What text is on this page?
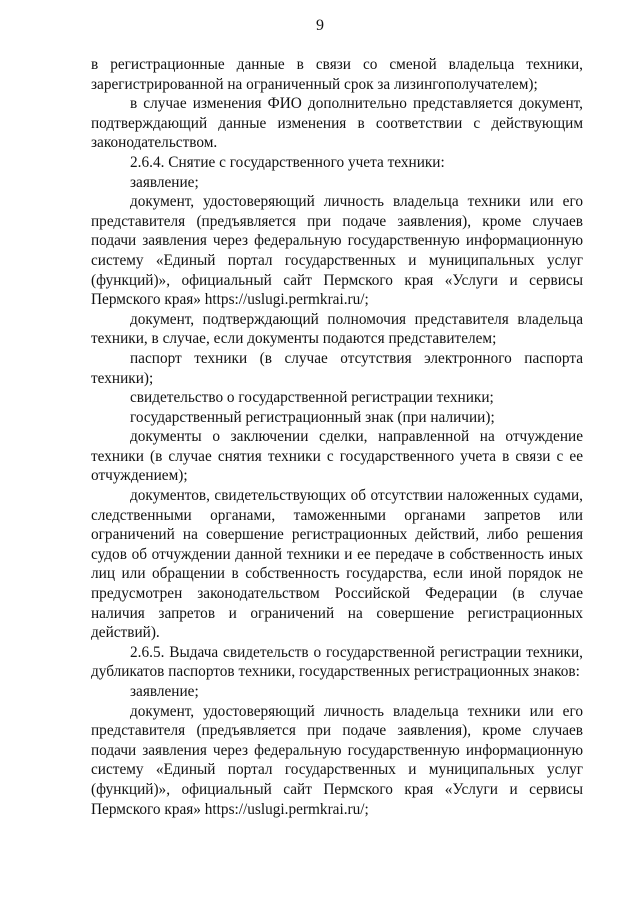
9

в регистрационные данные в связи со сменой владельца техники, зарегистрированной на ограниченный срок за лизингополучателем);

в случае изменения ФИО дополнительно представляется документ, подтверждающий данные изменения в соответствии с действующим законодательством.

2.6.4. Снятие с государственного учета техники:

заявление;

документ, удостоверяющий личность владельца техники или его представителя (предъявляется при подаче заявления), кроме случаев подачи заявления через федеральную государственную информационную систему «Единый портал государственных и муниципальных услуг (функций)», официальный сайт Пермского края «Услуги и сервисы Пермского края» https://uslugi.permkrai.ru/;

документ, подтверждающий полномочия представителя владельца техники, в случае, если документы подаются представителем;

паспорт техники (в случае отсутствия электронного паспорта техники);

свидетельство о государственной регистрации техники;

государственный регистрационный знак (при наличии);

документы о заключении сделки, направленной на отчуждение техники (в случае снятия техники с государственного учета в связи с ее отчуждением);

документов, свидетельствующих об отсутствии наложенных судами, следственными органами, таможенными органами запретов или ограничений на совершение регистрационных действий, либо решения судов об отчуждении данной техники и ее передаче в собственность иных лиц или обращении в собственность государства, если иной порядок не предусмотрен законодательством Российской Федерации (в случае наличия запретов и ограничений на совершение регистрационных действий).

2.6.5. Выдача свидетельств о государственной регистрации техники, дубликатов паспортов техники, государственных регистрационных знаков:

заявление;

документ, удостоверяющий личность владельца техники или его представителя (предъявляется при подаче заявления), кроме случаев подачи заявления через федеральную государственную информационную систему «Единый портал государственных и муниципальных услуг (функций)», официальный сайт Пермского края «Услуги и сервисы Пермского края» https://uslugi.permkrai.ru/;
